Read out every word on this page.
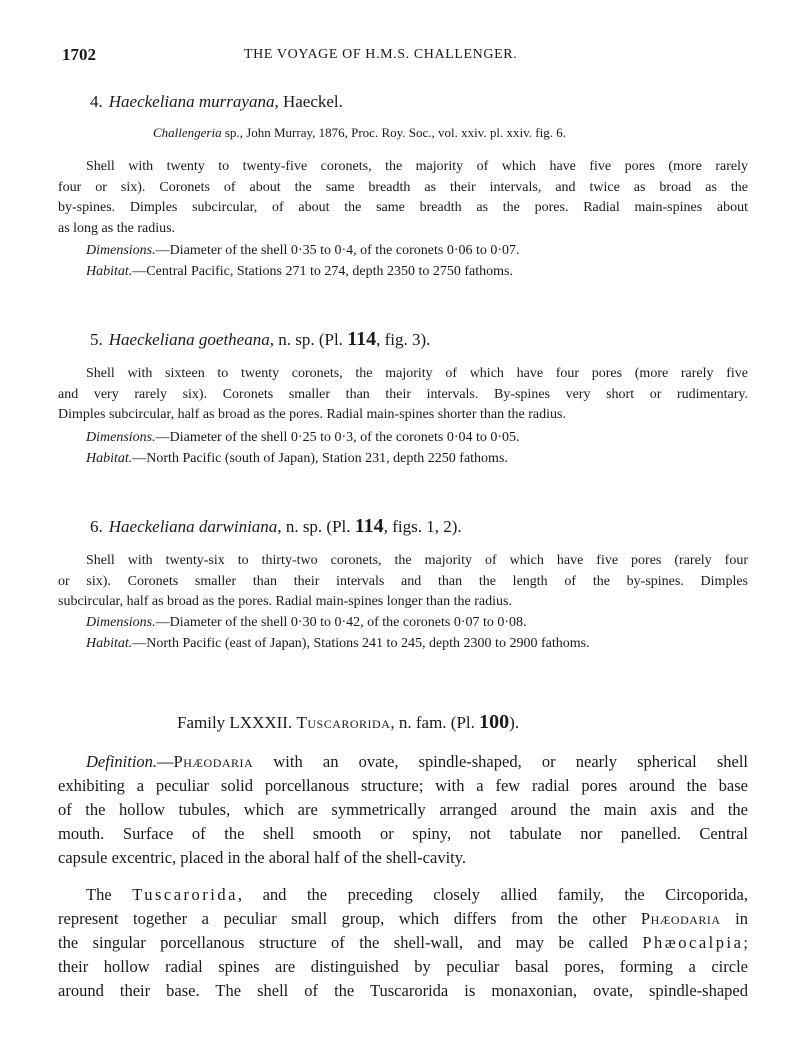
1702	THE VOYAGE OF H.M.S. CHALLENGER.
4. Haeckeliana murrayana, Haeckel.
Challengeria sp., John Murray, 1876, Proc. Roy. Soc., vol. xxiv. pl. xxiv. fig. 6.
Shell with twenty to twenty-five coronets, the majority of which have five pores (more rarely
four or six). Coronets of about the same breadth as their intervals, and twice as broad as the
by-spines. Dimples subcircular, of about the same breadth as the pores. Radial main-spines about
as long as the radius.
Dimensions.—Diameter of the shell 0·35 to 0·4, of the coronets 0·06 to 0·07.
Habitat.—Central Pacific, Stations 271 to 274, depth 2350 to 2750 fathoms.
5. Haeckeliana goetheana, n. sp. (Pl. 114, fig. 3).
Shell with sixteen to twenty coronets, the majority of which have four pores (more rarely five
and very rarely six). Coronets smaller than their intervals. By-spines very short or rudimentary.
Dimples subcircular, half as broad as the pores. Radial main-spines shorter than the radius.
Dimensions.—Diameter of the shell 0·25 to 0·3, of the coronets 0·04 to 0·05.
Habitat.—North Pacific (south of Japan), Station 231, depth 2250 fathoms.
6. Haeckeliana darwiniana, n. sp. (Pl. 114, figs. 1, 2).
Shell with twenty-six to thirty-two coronets, the majority of which have five pores (rarely four
or six). Coronets smaller than their intervals and than the length of the by-spines. Dimples
subcircular, half as broad as the pores. Radial main-spines longer than the radius.
Dimensions.—Diameter of the shell 0·30 to 0·42, of the coronets 0·07 to 0·08.
Habitat.—North Pacific (east of Japan), Stations 241 to 245, depth 2300 to 2900 fathoms.
Family LXXXII. Tuscarorida, n. fam. (Pl. 100).
Definition.—Phæodaria with an ovate, spindle-shaped, or nearly spherical shell
exhibiting a peculiar solid porcellanous structure; with a few radial pores around the base
of the hollow tubules, which are symmetrically arranged around the main axis and the
mouth. Surface of the shell smooth or spiny, not tabulate nor panelled. Central
capsule excentric, placed in the aboral half of the shell-cavity.
The Tuscarorida, and the preceding closely allied family, the Circoporida,
represent together a peculiar small group, which differs from the other Phæodaria in
the singular porcellanous structure of the shell-wall, and may be called Phæocalpia;
their hollow radial spines are distinguished by peculiar basal pores, forming a circle
around their base. The shell of the Tuscarorida is monaxonian, ovate, spindle-shaped
